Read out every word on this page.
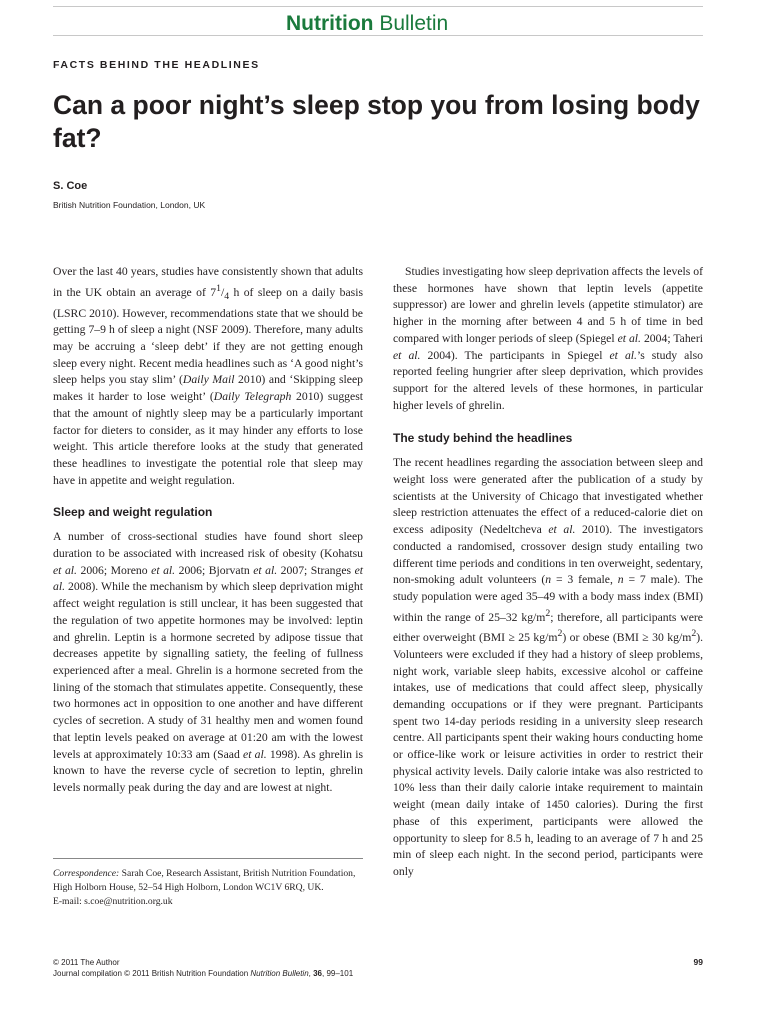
Nutrition Bulletin
FACTS BEHIND THE HEADLINES
Can a poor night’s sleep stop you from losing body fat?
S. Coe
British Nutrition Foundation, London, UK

Over the last 40 years, studies have consistently shown that adults in the UK obtain an average of $7^1/_4$ h of sleep on a daily basis (LSRC 2010). However, recommendations state that we should be getting 7–9 h of sleep a night (NSF 2009). Therefore, many adults may be accruing a ‘sleep debt’ if they are not getting enough sleep every night. Recent media headlines such as ‘A good night’s sleep helps you stay slim’ (Daily Mail 2010) and ‘Skipping sleep makes it harder to lose weight’ (Daily Telegraph 2010) suggest that the amount of nightly sleep may be a particularly important factor for dieters to consider, as it may hinder any efforts to lose weight. This article therefore looks at the study that generated these headlines to investigate the potential role that sleep may have in appetite and weight regulation.

Sleep and weight regulation

A number of cross-sectional studies have found short sleep duration to be associated with increased risk of obesity (Kohatsu et al. 2006; Moreno et al. 2006; Bjorvatn et al. 2007; Stranges et al. 2008). While the mechanism by which sleep deprivation might affect weight regulation is still unclear, it has been suggested that the regulation of two appetite hormones may be involved: leptin and ghrelin. Leptin is a hormone secreted by adipose tissue that decreases appetite by signalling satiety, the feeling of fullness experienced after a meal. Ghrelin is a hormone secreted from the lining of the stomach that stimulates appetite. Consequently, these two hormones act in opposition to one another and have different cycles of secretion. A study of 31 healthy men and women found that leptin levels peaked on average at 01:20 am with the lowest levels at approximately 10:33 am (Saad et al. 1998). As ghrelin is known to have the reverse cycle of secretion to leptin, ghrelin levels normally peak during the day and are lowest at night.

Studies investigating how sleep deprivation affects the levels of these hormones have shown that leptin levels (appetite suppressor) are lower and ghrelin levels (appetite stimulator) are higher in the morning after between 4 and 5 h of time in bed compared with longer periods of sleep (Spiegel et al. 2004; Taheri et al. 2004). The participants in Spiegel et al.’s study also reported feeling hungrier after sleep deprivation, which provides support for the altered levels of these hormones, in particular higher levels of ghrelin.

The study behind the headlines

The recent headlines regarding the association between sleep and weight loss were generated after the publication of a study by scientists at the University of Chicago that investigated whether sleep restriction attenuates the effect of a reduced-calorie diet on excess adiposity (Nedeltcheva et al. 2010). The investigators conducted a randomised, crossover design study entailing two different time periods and conditions in ten overweight, sedentary, non-smoking adult volunteers (n = 3 female, n = 7 male). The study population were aged 35–49 with a body mass index (BMI) within the range of 25–32 $kg/m^2$; therefore, all participants were either overweight (BMI ≥ 25 $kg/m^2$) or obese (BMI ≥ 30 $kg/m^2$). Volunteers were excluded if they had a history of sleep problems, night work, variable sleep habits, excessive alcohol or caffeine intakes, use of medications that could affect sleep, physically demanding occupations or if they were pregnant. Participants spent two 14-day periods residing in a university sleep research centre. All participants spent their waking hours conducting home or office-like work or leisure activities in order to restrict their physical activity levels. Daily calorie intake was also restricted to 10% less than their daily calorie intake requirement to maintain weight (mean daily intake of 1450 calories). During the first phase of this experiment, participants were allowed the opportunity to sleep for 8.5 h, leading to an average of 7 h and 25 min of sleep each night. In the second period, participants were only

Correspondence: Sarah Coe, Research Assistant, British Nutrition Foundation, High Holborn House, 52–54 High Holborn, London WC1V 6RQ, UK.

E-mail: s.coe@nutrition.org.uk

© 2011 The Author
Journal compilation © 2011 British Nutrition Foundation Nutrition Bulletin, 36, 99–101
99
